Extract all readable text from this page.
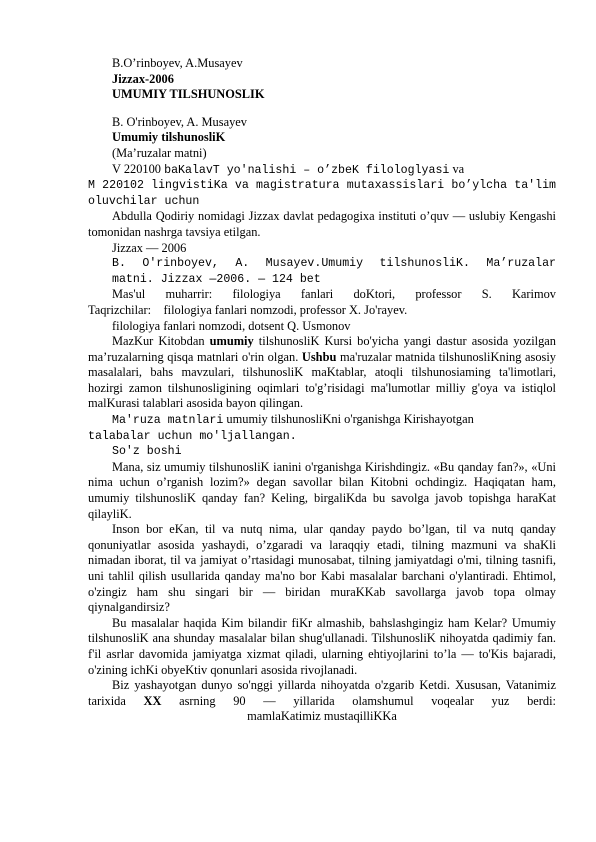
B.O’rinboyev, A.Musayev

Jizzax-2006

UMUMIY TILSHUNOSLIK

B. O'rinboyev, A. Musayev

Umumiy tilshunosliK

(Ma’ruzalar matni)

V 220100 baKalavT yo'nalishi – o’zbeK filologlyasi va

M 220102 lingvistiKa va magistratura mutaxassislari bo’ylcha ta'lim oluvchilar uchun

Abdulla Qodiriy nomidagi Jizzax davlat pedagogixa instituti o’quv — uslubiy Kengashi tomonidan nashrga tavsiya etilgan.

Jizzax — 2006

B. O'rinboyev, A. Musayev.Umumiy tilshunosliK. Ma’ruzalar

matni. Jizzax —2006. — 124 bet

Mas'ul muharrir: filologiya fanlari doKtori, professor S. Karimov

Taqrizchilar: filologiya fanlari nomzodi, professor X. Jo'rayev.

filologiya fanlari nomzodi, dotsent Q. Usmonov

MazKur Kitobdan umumiy tilshunosliK Kursi bo'yicha yangi dastur asosida yozilgan ma’ruzalarning qisqa matnlari o'rin olgan. Ushbu ma'ruzalar matnida tilshunosliKning asosiy masalalari, bahs mavzulari, tilshunosliK maKtablar, atoqli tilshunosiaming ta'limotlari, hozirgi zamon tilshunosligining oqimlari to'g’risidagi ma'lumotlar milliy g'oya va istiqlol malKurasi talablari asosida bayon qilingan.

Ma'ruza matnlari umumiy tilshunosliKni o'rganishga Kirishayotgan

talabalar uchun mo'ljallangan.

So'z boshi

Mana, siz umumiy tilshunosliK ianini o'rganishga Kirishdingiz. «Bu qanday fan?», «Uni nima uchun o’rganish lozim?» degan savollar bilan Kitobni ochdingiz. Haqiqatan ham, umumiy tilshunosliK qanday fan? Keling, birgaliKda bu savolga javob topishga haraKat qilayliK.

Inson bor eKan, til va nutq nima, ular qanday paydo bo’lgan, til va nutq qanday qonuniyatlar asosida yashaydi, o’zgaradi va laraqqiy etadi, tilning mazmuni va shaKli nimadan iborat, til va jamiyat o’rtasidagi munosabat, tilning jamiyatdagi o'mi, tilning tasnifi, uni tahlil qilish usullarida qanday ma'no bor Kabi masalalar barchani o'ylantiradi. Ehtimol, o'zingiz ham shu singari bir — biridan muraKKab savollarga javob topa olmay qiynalgandirsiz?

Bu masalalar haqida Kim bilandir fiKr almashib, bahslashgingiz ham Kelar? Umumiy tilshunosliK ana shunday masalalar bilan shug'ullanadi. TilshunosliK nihoyatda qadimiy fan. f'il asrlar davomida jamiyatga xizmat qiladi, ularning ehtiyojlarini to’la — to'Kis bajaradi, o'zining ichKi obyeKtiv qonunlari asosida rivojlanadi.

Biz yashayotgan dunyo so'nggi yillarda nihoyatda o'zgarib Ketdi. Xususan, Vatanimiz tarixida XX asrning 90 — yillarida olamshumul voqealar yuz berdi:

mamlaKatimiz mustaqilliKKa
